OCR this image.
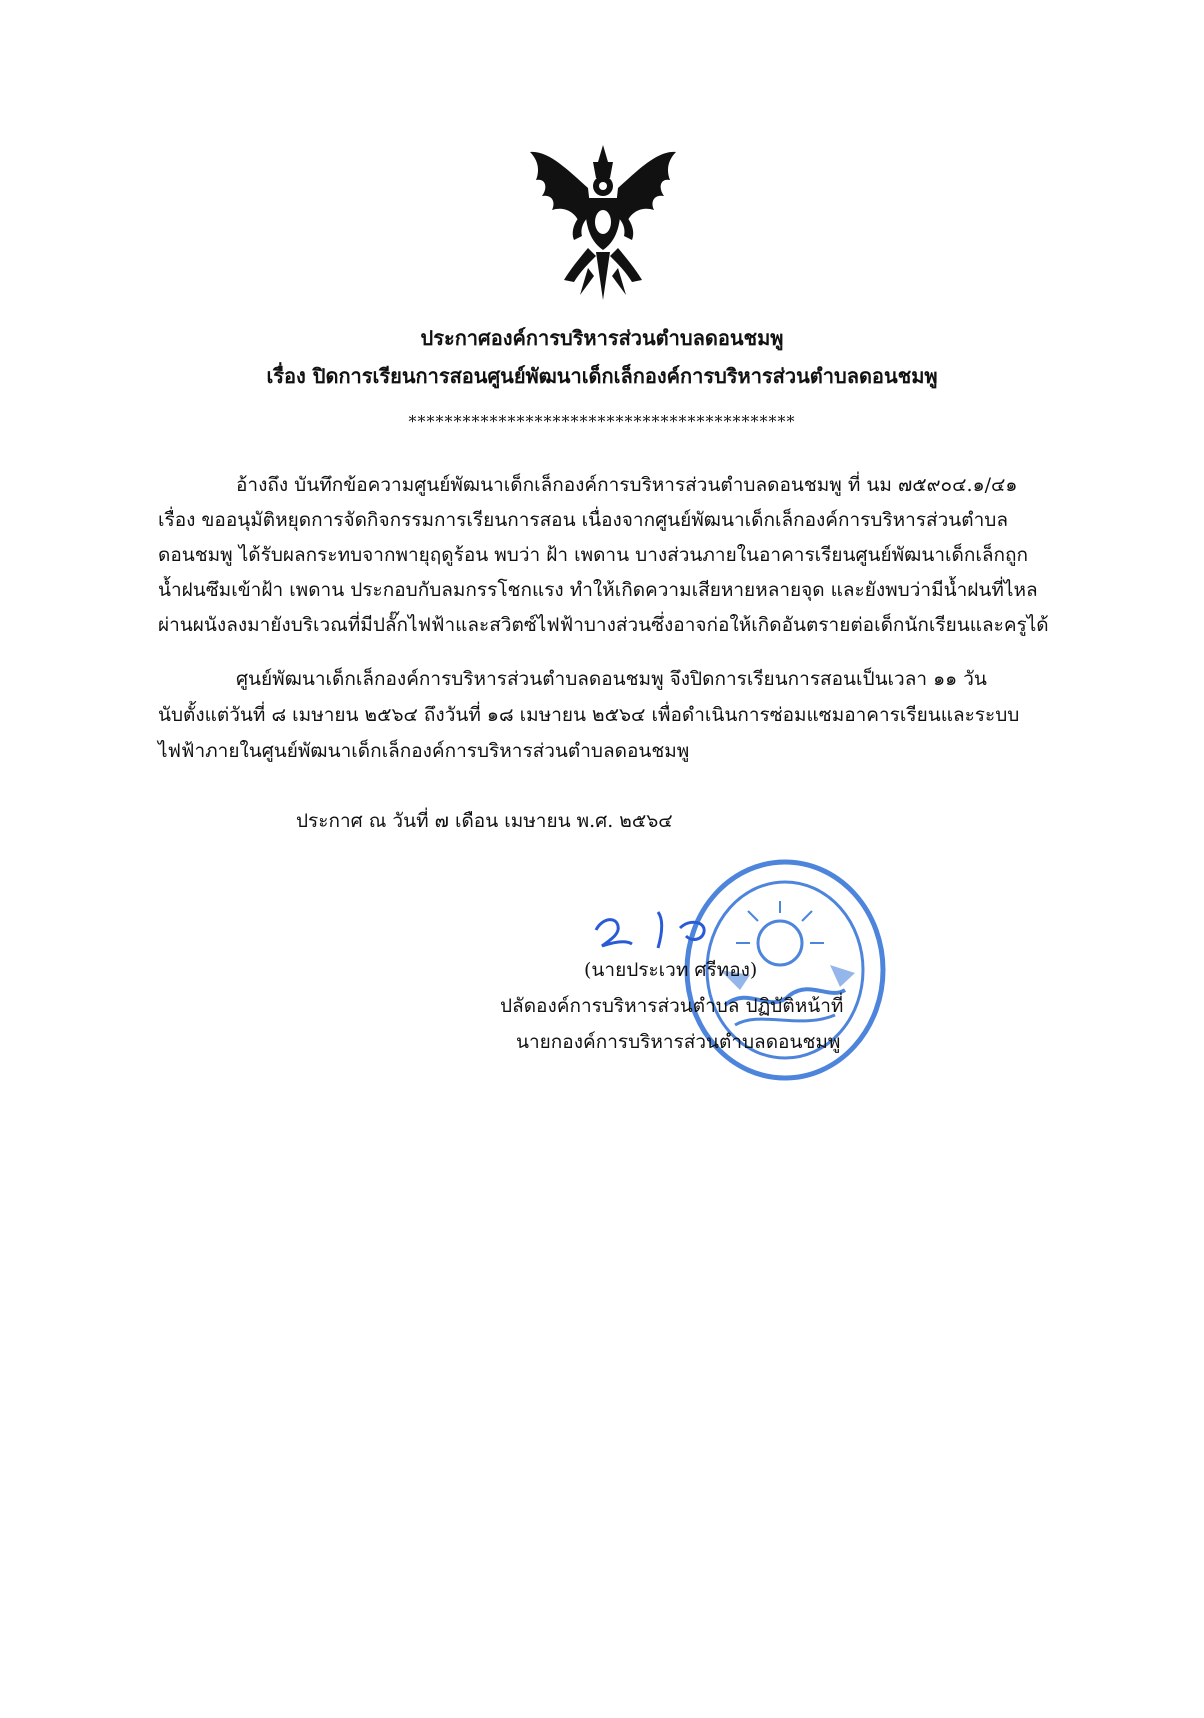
ประกาศองค์การบริหารส่วนตำบลดอนชมพู
เรื่อง ปิดการเรียนการสอนศูนย์พัฒนาเด็กเล็กองค์การบริหารส่วนตำบลดอนชมพู
*******************************************
อ้างถึง บันทึกข้อความศูนย์พัฒนาเด็กเล็กองค์การบริหารส่วนตำบลดอนชมพู ที่ นม ๗๕๙๐๔.๑/๔๑
เรื่อง ขออนุมัติหยุดการจัดกิจกรรมการเรียนการสอน เนื่องจากศูนย์พัฒนาเด็กเล็กองค์การบริหารส่วนตำบล
ดอนชมพู ได้รับผลกระทบจากพายุฤดูร้อน พบว่า ฝ้า เพดาน บางส่วนภายในอาคารเรียนศูนย์พัฒนาเด็กเล็กถูก
น้ำฝนซึมเข้าฝ้า เพดาน ประกอบกับลมกรรโชกแรง ทำให้เกิดความเสียหายหลายจุด และยังพบว่ามีน้ำฝนที่ไหล
ผ่านผนังลงมายังบริเวณที่มีปลั๊กไฟฟ้าและสวิตซ์ไฟฟ้าบางส่วนซึ่งอาจก่อให้เกิดอันตรายต่อเด็กนักเรียนและครูได้
ศูนย์พัฒนาเด็กเล็กองค์การบริหารส่วนตำบลดอนชมพู จึงปิดการเรียนการสอนเป็นเวลา ๑๑ วัน
นับตั้งแต่วันที่ ๘ เมษายน ๒๕๖๔ ถึงวันที่ ๑๘ เมษายน ๒๕๖๔ เพื่อดำเนินการซ่อมแซมอาคารเรียนและระบบ
ไฟฟ้าภายในศูนย์พัฒนาเด็กเล็กองค์การบริหารส่วนตำบลดอนชมพู
ประกาศ ณ วันที่ ๗ เดือน เมษายน พ.ศ. ๒๕๖๔
(นายประเวท ศรีทอง)
ปลัดองค์การบริหารส่วนตำบล ปฏิบัติหน้าที่
นายกองค์การบริหารส่วนตำบลดอนชมพู
